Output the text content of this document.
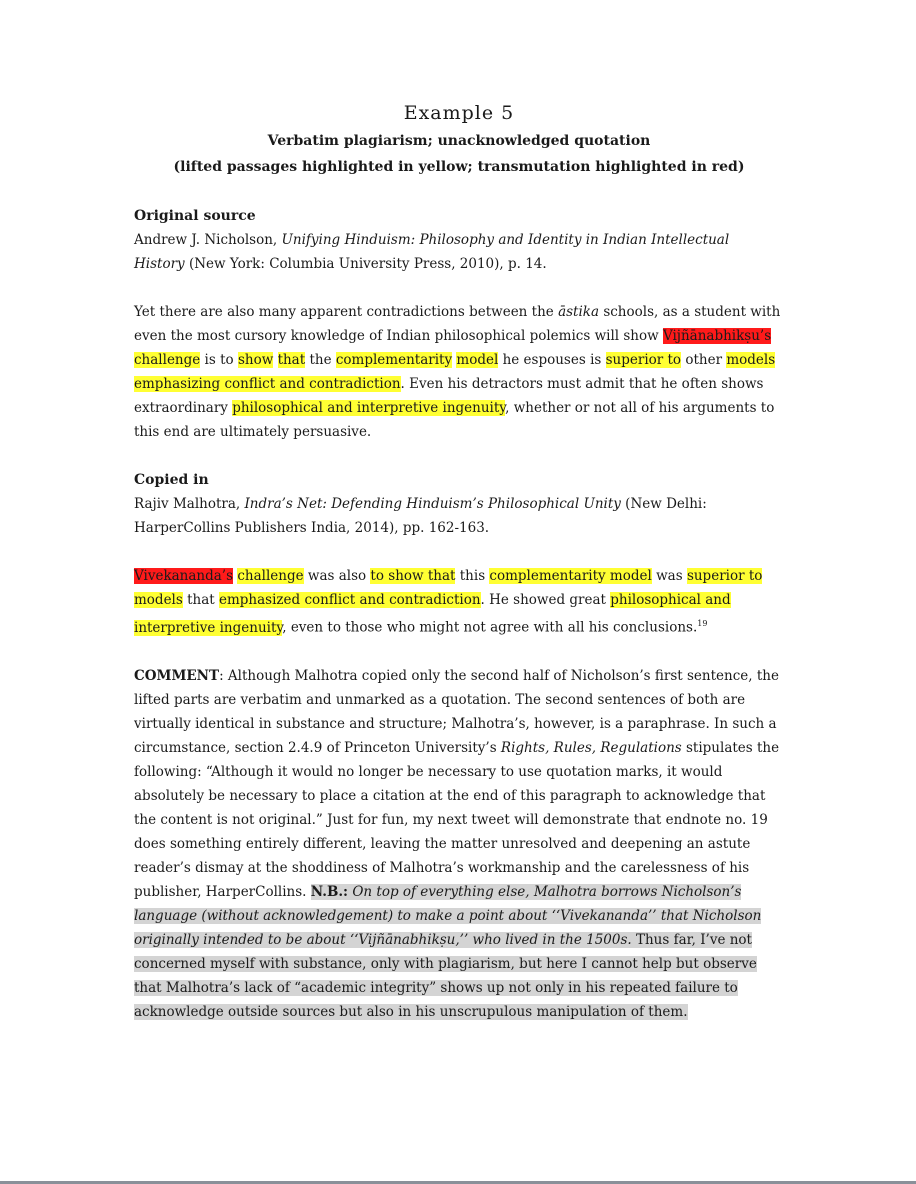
Example 5
Verbatim plagiarism; unacknowledged quotation
(lifted passages highlighted in yellow; transmutation highlighted in red)
Original source

Andrew J. Nicholson, Unifying Hinduism: Philosophy and Identity in Indian Intellectual History (New York: Columbia University Press, 2010), p. 14.

Yet there are also many apparent contradictions between the āstika schools, as a student with even the most cursory knowledge of Indian philosophical polemics will show Vijñānabhikṣu’s challenge is to show that the complementarity model he espouses is superior to other models emphasizing conflict and contradiction. Even his detractors must admit that he often shows extraordinary philosophical and interpretive ingenuity, whether or not all of his arguments to this end are ultimately persuasive.

Copied in

Rajiv Malhotra, Indra’s Net: Defending Hinduism’s Philosophical Unity (New Delhi: HarperCollins Publishers India, 2014), pp. 162-163.

Vivekananda’s challenge was also to show that this complementarity model was superior to models that emphasized conflict and contradiction. He showed great philosophical and interpretive ingenuity, even to those who might not agree with all his conclusions.$^{19}$

COMMENT: Although Malhotra copied only the second half of Nicholson’s first sentence, the lifted parts are verbatim and unmarked as a quotation. The second sentences of both are virtually identical in substance and structure; Malhotra’s, however, is a paraphrase. In such a circumstance, section 2.4.9 of Princeton University’s Rights, Rules, Regulations stipulates the following: “Although it would no longer be necessary to use quotation marks, it would absolutely be necessary to place a citation at the end of this paragraph to acknowledge that the content is not original.” Just for fun, my next tweet will demonstrate that endnote no. 19 does something entirely different, leaving the matter unresolved and deepening an astute reader’s dismay at the shoddiness of Malhotra’s workmanship and the carelessness of his publisher, HarperCollins. N.B.: On top of everything else, Malhotra borrows Nicholson’s language (without acknowledgement) to make a point about ‘‘Vivekananda’’ that Nicholson originally intended to be about ‘‘Vijñānabhikṣu,’’ who lived in the 1500s. Thus far, I’ve not concerned myself with substance, only with plagiarism, but here I cannot help but observe that Malhotra’s lack of “academic integrity” shows up not only in his repeated failure to acknowledge outside sources but also in his unscrupulous manipulation of them.
